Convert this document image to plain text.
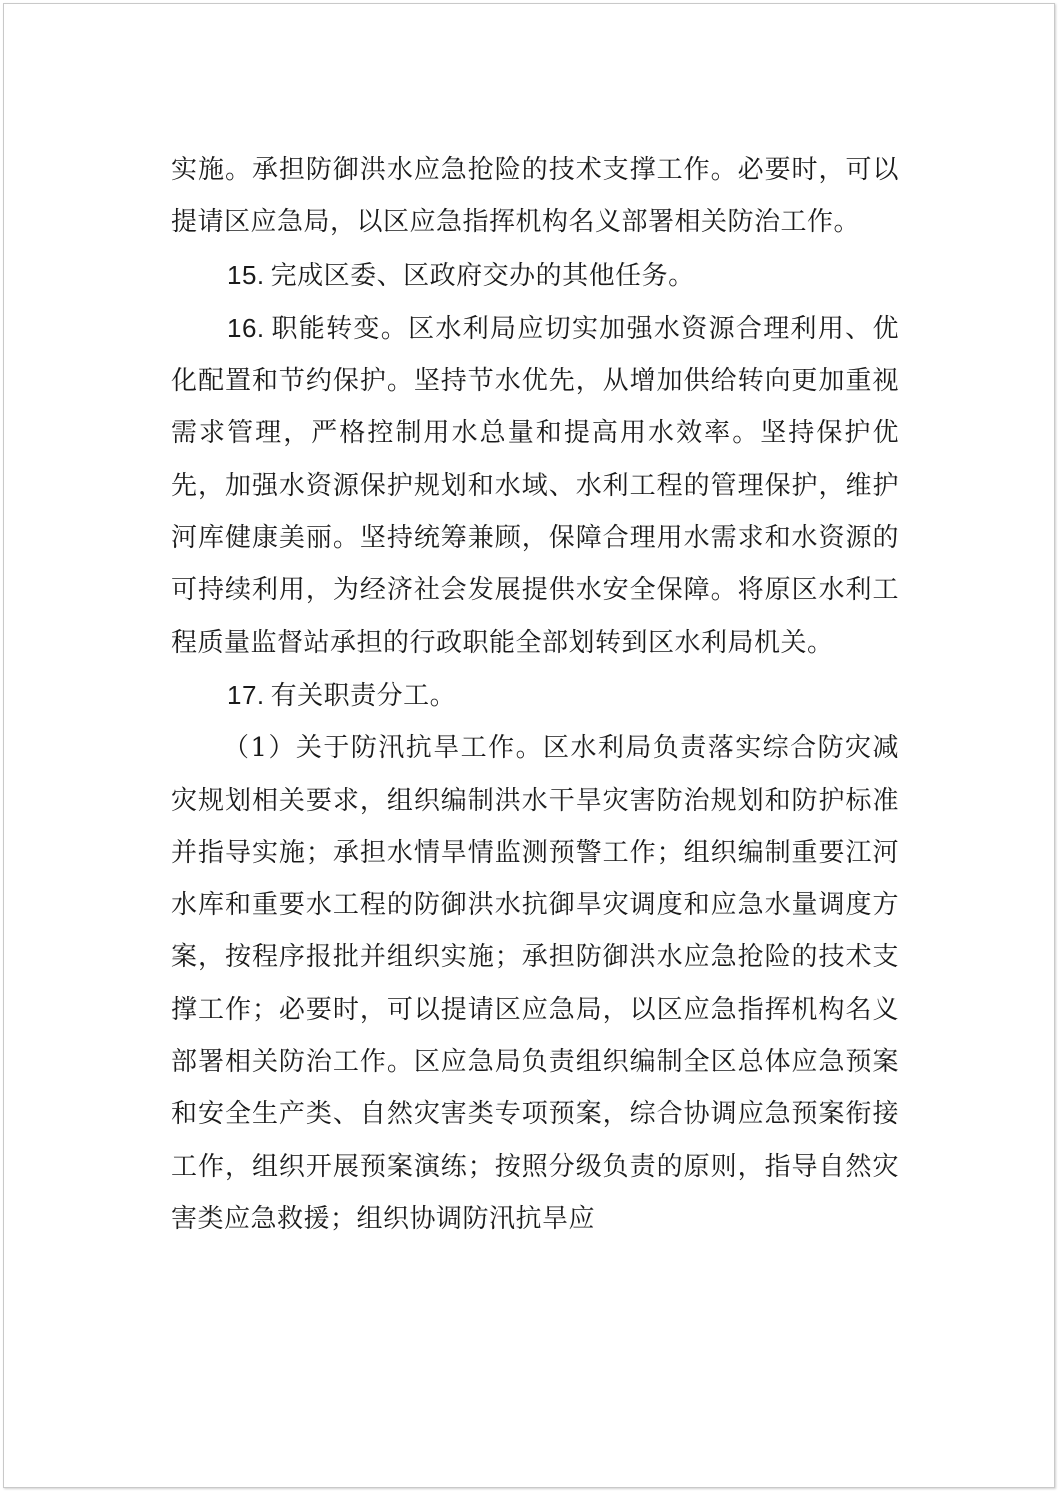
实施。承担防御洪水应急抢险的技术支撑工作。必要时，可以提请区应急局，以区应急指挥机构名义部署相关防治工作。

15. 完成区委、区政府交办的其他任务。

16. 职能转变。区水利局应切实加强水资源合理利用、优化配置和节约保护。坚持节水优先，从增加供给转向更加重视需求管理，严格控制用水总量和提高用水效率。坚持保护优先，加强水资源保护规划和水域、水利工程的管理保护，维护河库健康美丽。坚持统筹兼顾，保障合理用水需求和水资源的可持续利用，为经济社会发展提供水安全保障。将原区水利工程质量监督站承担的行政职能全部划转到区水利局机关。

17. 有关职责分工。

（1）关于防汛抗旱工作。区水利局负责落实综合防灾减灾规划相关要求，组织编制洪水干旱灾害防治规划和防护标准并指导实施；承担水情旱情监测预警工作；组织编制重要江河水库和重要水工程的防御洪水抗御旱灾调度和应急水量调度方案，按程序报批并组织实施；承担防御洪水应急抢险的技术支撑工作；必要时，可以提请区应急局，以区应急指挥机构名义部署相关防治工作。区应急局负责组织编制全区总体应急预案和安全生产类、自然灾害类专项预案，综合协调应急预案衔接工作，组织开展预案演练；按照分级负责的原则，指导自然灾害类应急救援；组织协调防汛抗旱应
